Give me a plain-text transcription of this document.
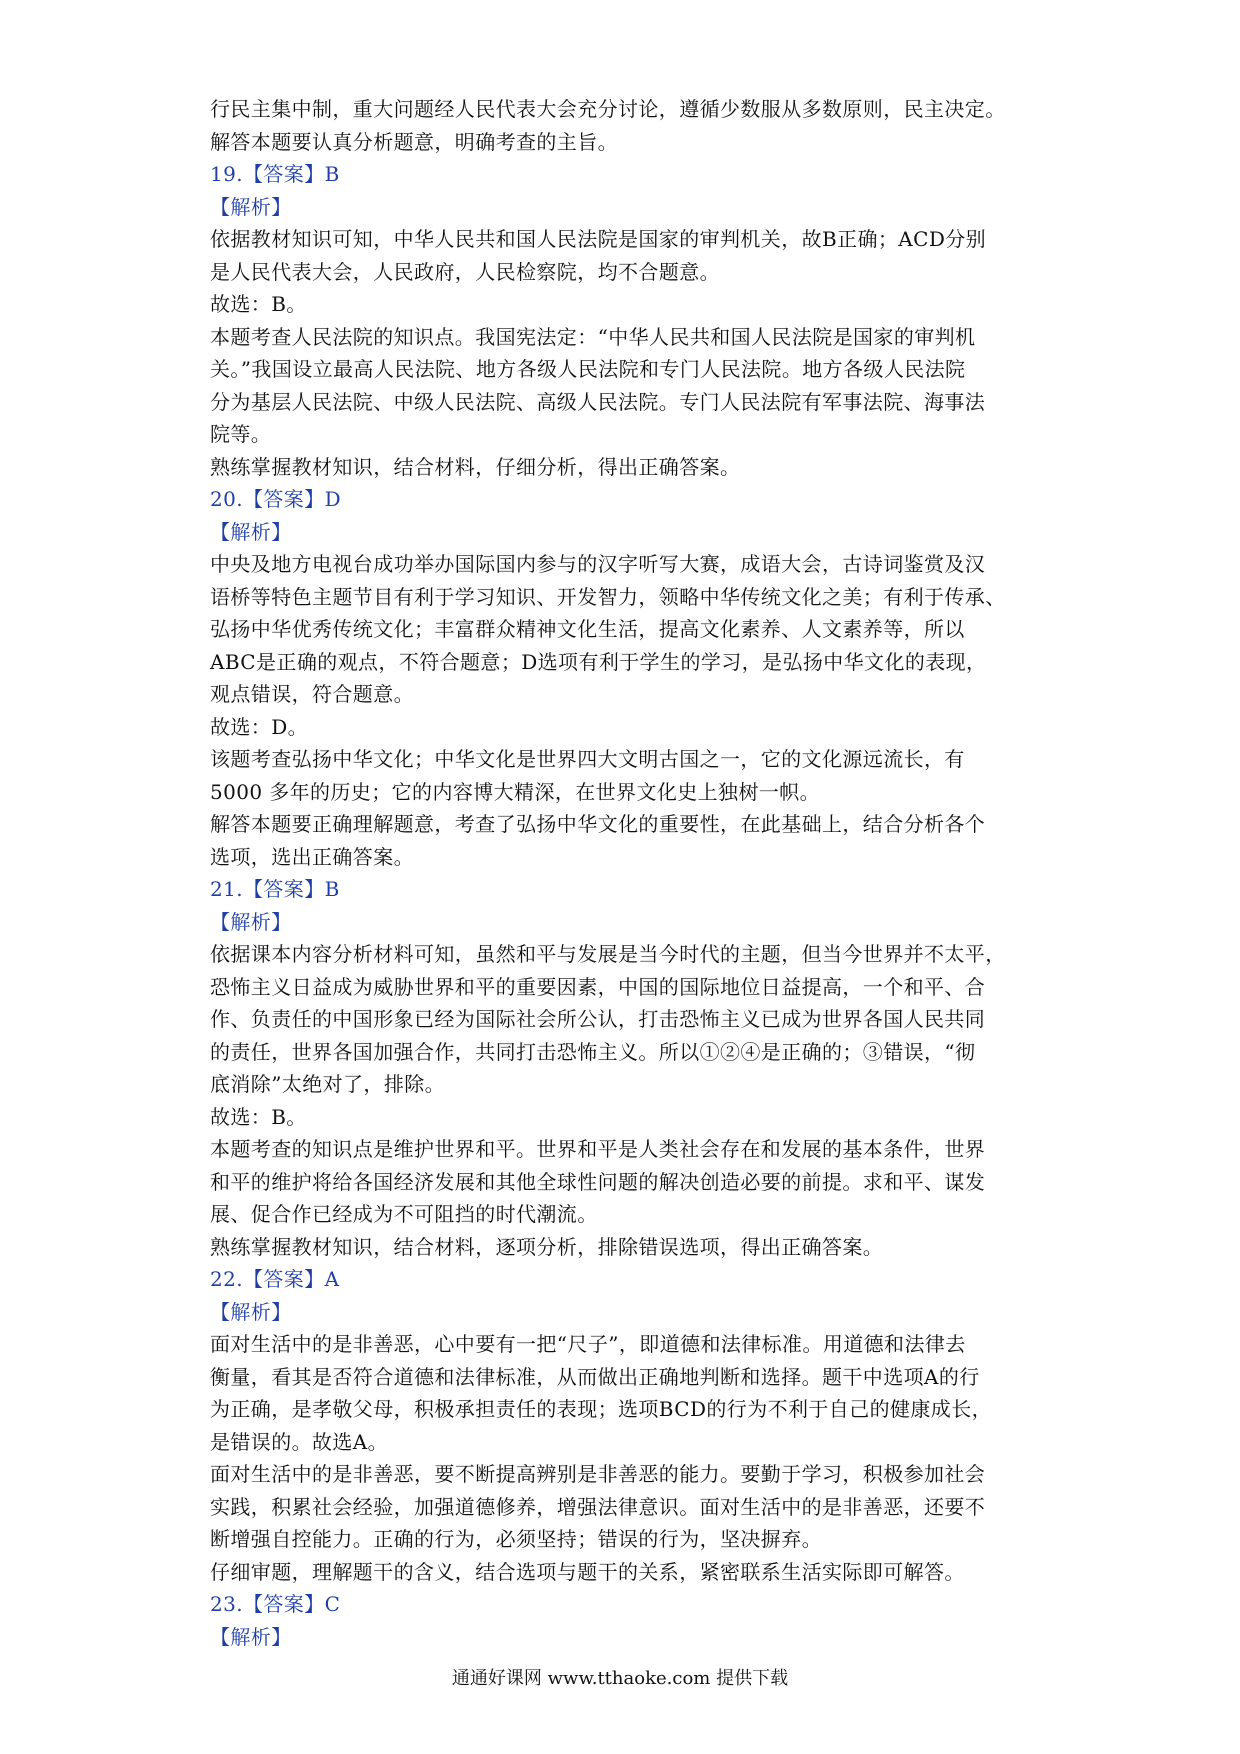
行民主集中制，重大问题经人民代表大会充分讨论，遵循少数服从多数原则，民主决定。
解答本题要认真分析题意，明确考查的主旨。
19.【答案】B
【解析】
依据教材知识可知，中华人民共和国人民法院是国家的审判机关，故B正确；ACD分别
是人民代表大会，人民政府，人民检察院，均不合题意。
故选：B。
本题考查人民法院的知识点。我国宪法定：“中华人民共和国人民法院是国家的审判机
关。”我国设立最高人民法院、地方各级人民法院和专门人民法院。地方各级人民法院
分为基层人民法院、中级人民法院、高级人民法院。专门人民法院有军事法院、海事法
院等。
熟练掌握教材知识，结合材料，仔细分析，得出正确答案。
20.【答案】D
【解析】
中央及地方电视台成功举办国际国内参与的汉字听写大赛，成语大会，古诗词鉴赏及汉
语桥等特色主题节目有利于学习知识、开发智力，领略中华传统文化之美；有利于传承、
弘扬中华优秀传统文化；丰富群众精神文化生活，提高文化素养、人文素养等，所以
ABC是正确的观点，不符合题意；D选项有利于学生的学习，是弘扬中华文化的表现，
观点错误，符合题意。
故选：D。
该题考查弘扬中华文化；中华文化是世界四大文明古国之一，它的文化源远流长，有
5000 多年的历史；它的内容博大精深，在世界文化史上独树一帜。
解答本题要正确理解题意，考查了弘扬中华文化的重要性，在此基础上，结合分析各个
选项，选出正确答案。
21.【答案】B
【解析】
依据课本内容分析材料可知，虽然和平与发展是当今时代的主题，但当今世界并不太平，
恐怖主义日益成为威胁世界和平的重要因素，中国的国际地位日益提高，一个和平、合
作、负责任的中国形象已经为国际社会所公认，打击恐怖主义已成为世界各国人民共同
的责任，世界各国加强合作，共同打击恐怖主义。所以①②④是正确的；③错误，“彻
底消除”太绝对了，排除。
故选：B。
本题考查的知识点是维护世界和平。世界和平是人类社会存在和发展的基本条件，世界
和平的维护将给各国经济发展和其他全球性问题的解决创造必要的前提。求和平、谋发
展、促合作已经成为不可阻挡的时代潮流。
熟练掌握教材知识，结合材料，逐项分析，排除错误选项，得出正确答案。
22.【答案】A
【解析】
面对生活中的是非善恶，心中要有一把“尺子”，即道德和法律标准。用道德和法律去
衡量，看其是否符合道德和法律标准，从而做出正确地判断和选择。题干中选项A的行
为正确，是孝敬父母，积极承担责任的表现；选项BCD的行为不利于自己的健康成长，
是错误的。故选A。
面对生活中的是非善恶，要不断提高辨别是非善恶的能力。要勤于学习，积极参加社会
实践，积累社会经验，加强道德修养，增强法律意识。面对生活中的是非善恶，还要不
断增强自控能力。正确的行为，必须坚持；错误的行为，坚决摒弃。
仔细审题，理解题干的含义，结合选项与题干的关系，紧密联系生活实际即可解答。
23.【答案】C
【解析】
通通好课网 www.tthaoke.com 提供下载
